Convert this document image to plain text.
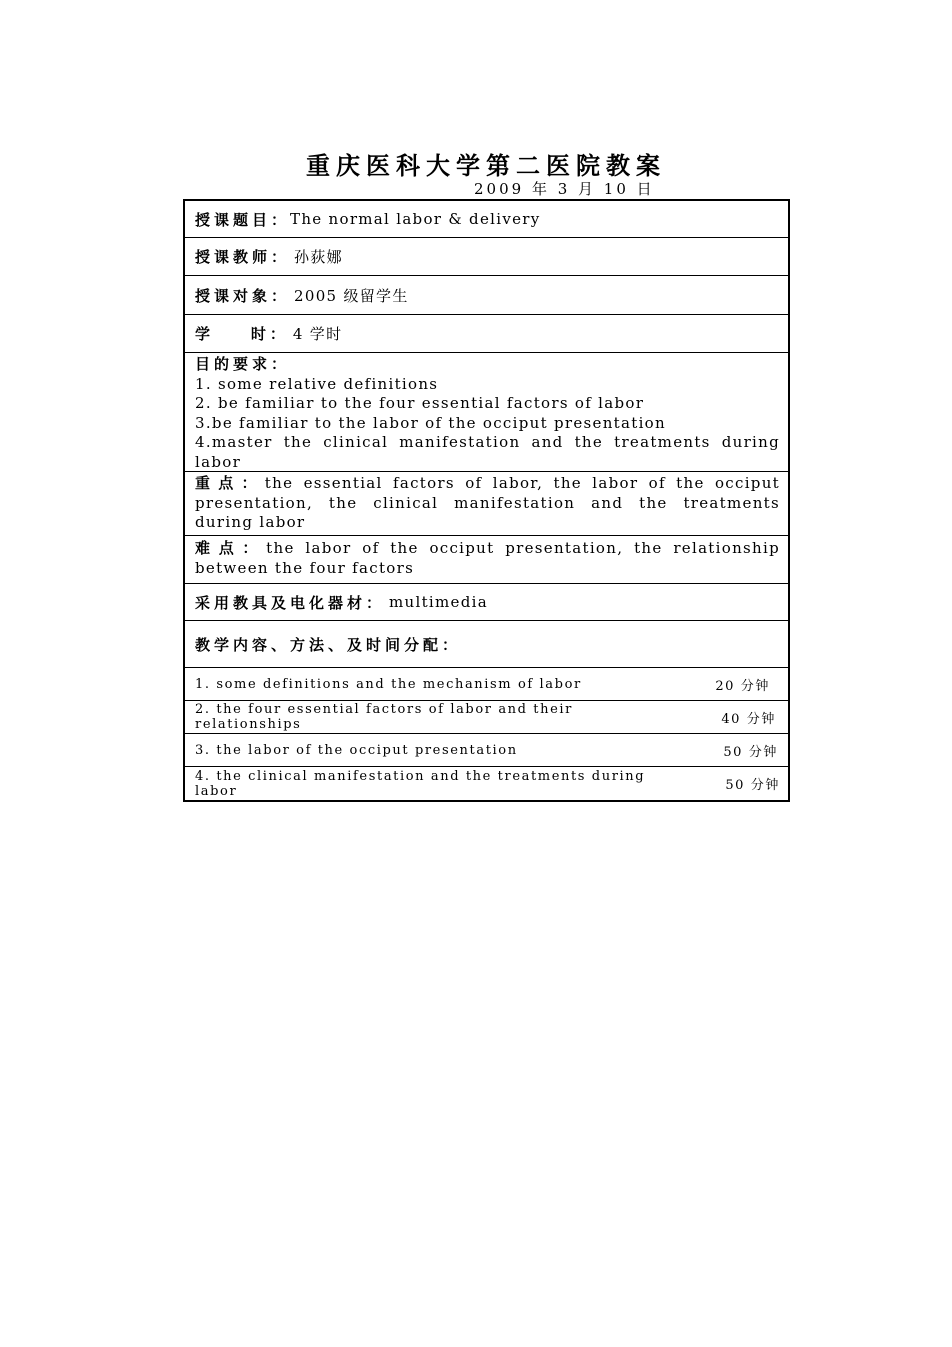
重庆医科大学第二医院教案
2009 年 3 月 10 日
授课题目： The normal labor & delivery
授课教师： 孙荻娜
授课对象： 2005 级留学生
学    时： 4 学时
目的要求：
1. some relative definitions
2. be familiar to the four essential factors of labor
3.be familiar to the labor of the occiput presentation
4.master the clinical manifestation and the treatments during labor
重点：the essential factors of labor, the labor of the occiput presentation, the clinical manifestation and the treatments during labor
难点：the labor of the occiput presentation, the relationship between the four factors
采用教具及电化器材： multimedia
教学内容、方法、及时间分配：
1. some definitions and the mechanism of labor	20 分钟
2. the four essential factors of labor and their relationships	40 分钟
3. the labor of the occiput presentation	50 分钟
4. the clinical manifestation and the treatments during labor	50 分钟
